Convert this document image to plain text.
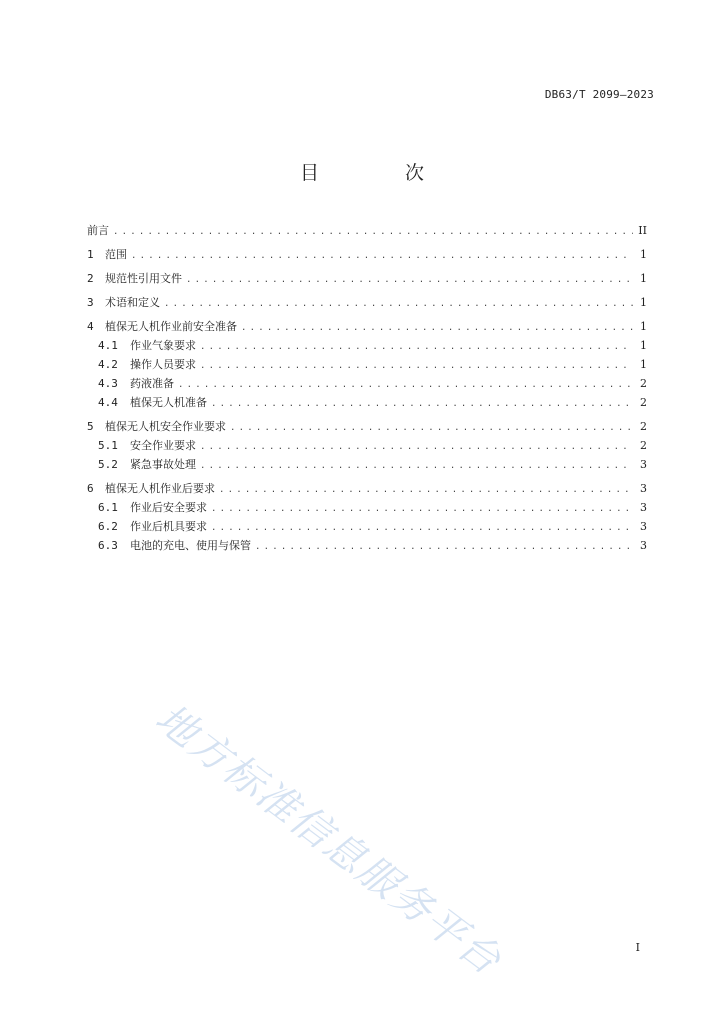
DB63/T 2099—2023
目 次
前言 .....	II
1	范围 .....	1
2	规范性引用文件 .....	1
3	术语和定义 .....	1
4	植保无人机作业前安全准备 .....	1
4.1	作业气象要求 .....	1
4.2	操作人员要求 .....	1
4.3	药液准备 .....	2
4.4	植保无人机准备 .....	2
5	植保无人机安全作业要求 .....	2
5.1	安全作业要求 .....	2
5.2	紧急事故处理 .....	3
6	植保无人机作业后要求 .....	3
6.1	作业后安全要求 .....	3
6.2	作业后机具要求 .....	3
6.3	电池的充电、使用与保管 .....	3
地方标准信息服务平台	I
